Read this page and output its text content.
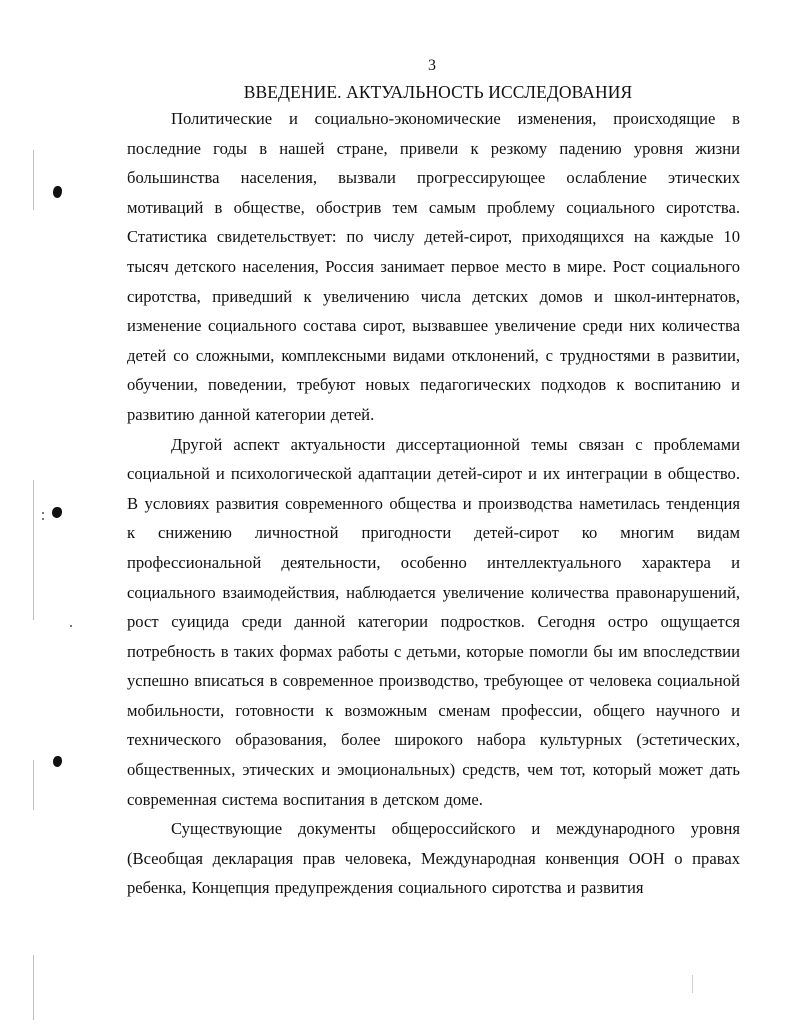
3
ВВЕДЕНИЕ. АКТУАЛЬНОСТЬ ИССЛЕДОВАНИЯ

Политические и социально-экономические изменения, происходящие в последние годы в нашей стране, привели к резкому падению уровня жизни большинства населения, вызвали прогрессирующее ослабление этических мотиваций в обществе, обострив тем самым проблему социального сиротства. Статистика свидетельствует: по числу детей-сирот, приходящихся на каждые 10 тысяч детского населения, Россия занимает первое место в мире. Рост социального сиротства, приведший к увеличению числа детских домов и школ-интернатов, изменение социального состава сирот, вызвавшее увеличение среди них количества детей со сложными, комплексными видами отклонений, с трудностями в развитии, обучении, поведении, требуют новых педагогических подходов к воспитанию и развитию данной категории детей.

Другой аспект актуальности диссертационной темы связан с проблемами социальной и психологической адаптации детей-сирот и их интеграции в общество. В условиях развития современного общества и производства наметилась тенденция к снижению личностной пригодности детей-сирот ко многим видам профессиональной деятельности, особенно интеллектуального характера и социального взаимодействия, наблюдается увеличение количества правонарушений, рост суицида среди данной категории подростков. Сегодня остро ощущается потребность в таких формах работы с детьми, которые помогли бы им впоследствии успешно вписаться в современное производство, требующее от человека социальной мобильности, готовности к возможным сменам профессии, общего научного и технического образования, более широкого набора культурных (эстетических, общественных, этических и эмоциональных) средств, чем тот, который может дать современная система воспитания в детском доме.

Существующие документы общероссийского и международного уровня (Всеобщая декларация прав человека, Международная конвенция ООН о правах ребенка, Концепция предупреждения социального сиротства и развития
